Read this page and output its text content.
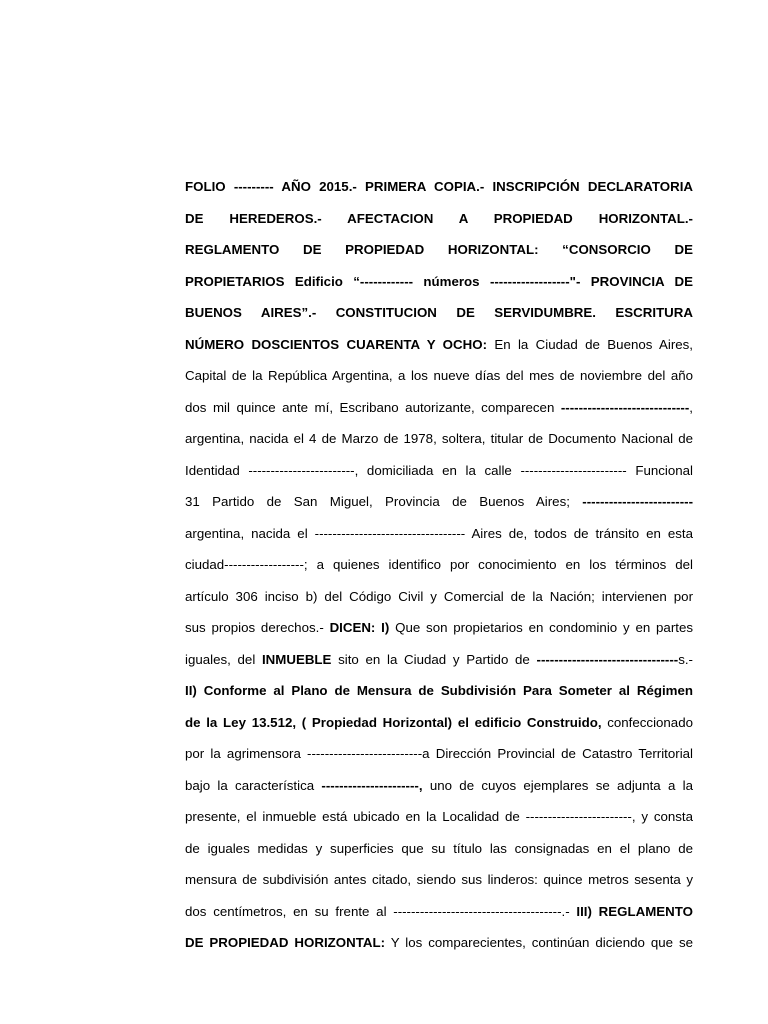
FOLIO --------- AÑO 2015.- PRIMERA COPIA.- INSCRIPCIÓN DECLARATORIA
DE HEREDEROS.- AFECTACION A PROPIEDAD HORIZONTAL.-
REGLAMENTO DE PROPIEDAD HORIZONTAL: “CONSORCIO DE
PROPIETARIOS Edificio “------------ números ------------------"- PROVINCIA DE
BUENOS AIRES”.- CONSTITUCION DE SERVIDUMBRE. ESCRITURA
NÚMERO DOSCIENTOS CUARENTA Y OCHO: En la Ciudad de Buenos Aires,
Capital de la República Argentina, a los nueve días del mes de noviembre del año
dos mil quince ante mí, Escribano autorizante, comparecen -----------------------------,
argentina, nacida el 4 de Marzo de 1978, soltera, titular de Documento Nacional de
Identidad ------------------------, domiciliada en la calle ------------------------ Funcional
31 Partido de San Miguel, Provincia de Buenos Aires; -------------------------
argentina, nacida el ---------------------------------- Aires de, todos de tránsito en esta
ciudad------------------; a quienes identifico por conocimiento en los términos del
artículo 306 inciso b) del Código Civil y Comercial de la Nación; intervienen por
sus propios derechos.- DICEN: I) Que son propietarios en condominio y en partes
iguales, del INMUEBLE sito en la Ciudad y Partido de --------------------------------s.-
II) Conforme al Plano de Mensura de Subdivisión Para Someter al Régimen
de la Ley 13.512, ( Propiedad Horizontal) el edificio Construido, confeccionado
por la agrimensora --------------------------a Dirección Provincial de Catastro Territorial
bajo la característica ----------------------, uno de cuyos ejemplares se adjunta a la
presente, el inmueble está ubicado en la Localidad de ------------------------, y consta
de iguales medidas y superficies que su título las consignadas en el plano de
mensura de subdivisión antes citado, siendo sus linderos: quince metros sesenta y
dos centímetros, en su frente al --------------------------------------.- III) REGLAMENTO
DE PROPIEDAD HORIZONTAL: Y los comparecientes, continúan diciendo que se
